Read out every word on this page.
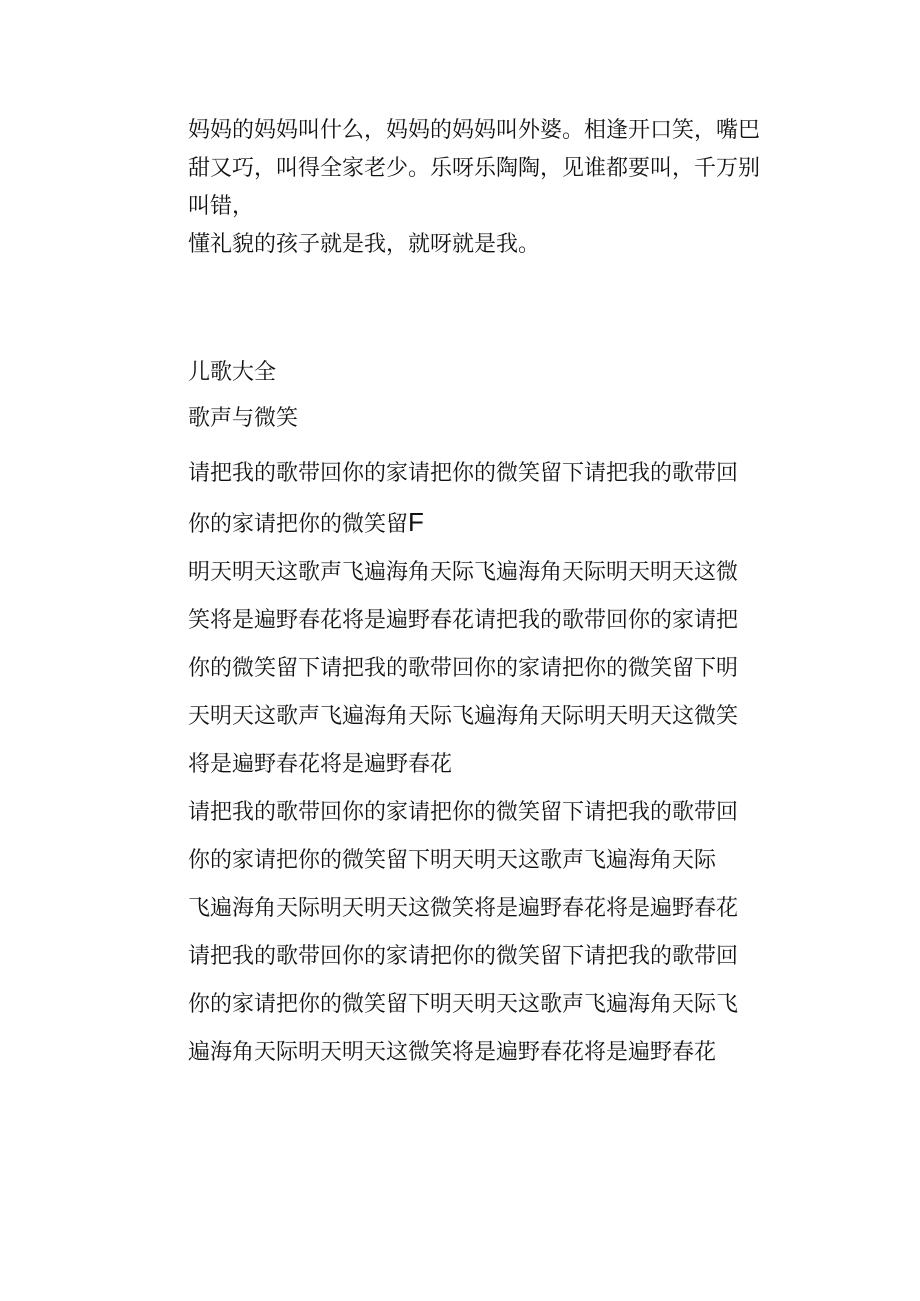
妈妈的妈妈叫什么，妈妈的妈妈叫外婆。相逢开口笑，嘴巴
甜又巧，叫得全家老少。乐呀乐陶陶，见谁都要叫，千万别
叫错，
懂礼貌的孩子就是我，就呀就是我。

儿歌大全
歌声与微笑
请把我的歌带回你的家请把你的微笑留下请把我的歌带回
你的家请把你的微笑留F
明天明天这歌声飞遍海角天际飞遍海角天际明天明天这微
笑将是遍野春花将是遍野春花请把我的歌带回你的家请把
你的微笑留下请把我的歌带回你的家请把你的微笑留下明
天明天这歌声飞遍海角天际飞遍海角天际明天明天这微笑
将是遍野春花将是遍野春花
请把我的歌带回你的家请把你的微笑留下请把我的歌带回
你的家请把你的微笑留下明天明天这歌声飞遍海角天际
飞遍海角天际明天明天这微笑将是遍野春花将是遍野春花
请把我的歌带回你的家请把你的微笑留下请把我的歌带回
你的家请把你的微笑留下明天明天这歌声飞遍海角天际飞
遍海角天际明天明天这微笑将是遍野春花将是遍野春花
